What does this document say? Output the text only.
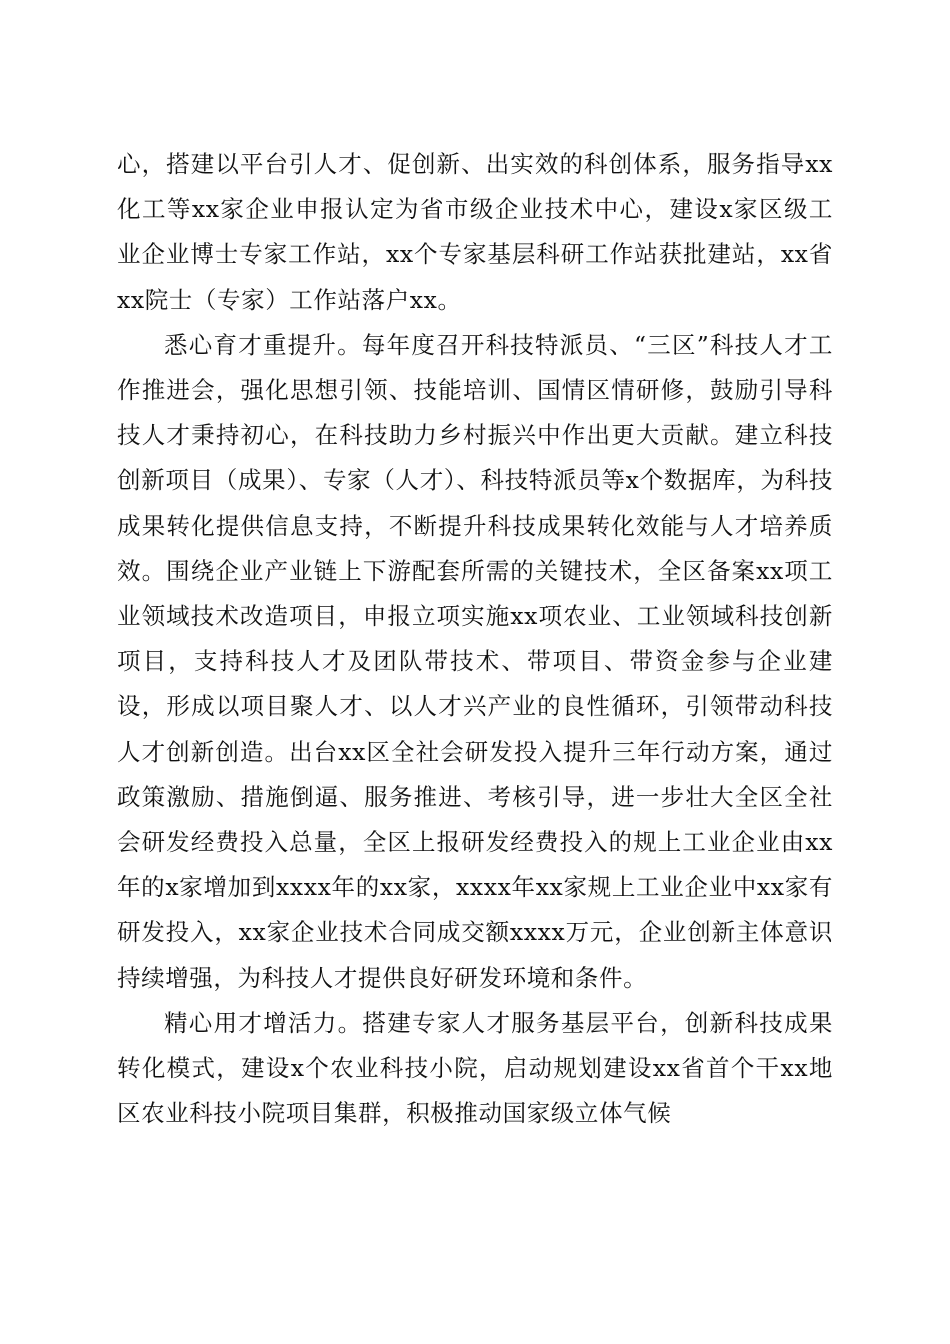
心，搭建以平台引人才、促创新、出实效的科创体系，服务指导xx化工等xx家企业申报认定为省市级企业技术中心，建设x家区级工业企业博士专家工作站，xx个专家基层科研工作站获批建站，xx省xx院士（专家）工作站落户xx。

悉心育才重提升。每年度召开科技特派员、“三区”科技人才工作推进会，强化思想引领、技能培训、国情区情研修，鼓励引导科技人才秉持初心，在科技助力乡村振兴中作出更大贡献。建立科技创新项目（成果）、专家（人才）、科技特派员等x个数据库，为科技成果转化提供信息支持，不断提升科技成果转化效能与人才培养质效。围绕企业产业链上下游配套所需的关键技术，全区备案xx项工业领域技术改造项目，申报立项实施xx项农业、工业领域科技创新项目，支持科技人才及团队带技术、带项目、带资金参与企业建设，形成以项目聚人才、以人才兴产业的良性循环，引领带动科技人才创新创造。出台xx区全社会研发投入提升三年行动方案，通过政策激励、措施倒逼、服务推进、考核引导，进一步壮大全区全社会研发经费投入总量，全区上报研发经费投入的规上工业企业由xx年的x家增加到xxxx年的xx家，xxxx年xx家规上工业企业中xx家有研发投入，xx家企业技术合同成交额xxxx万元，企业创新主体意识持续增强，为科技人才提供良好研发环境和条件。

精心用才增活力。搭建专家人才服务基层平台，创新科技成果转化模式，建设x个农业科技小院，启动规划建设xx省首个干xx地区农业科技小院项目集群，积极推动国家级立体气候
